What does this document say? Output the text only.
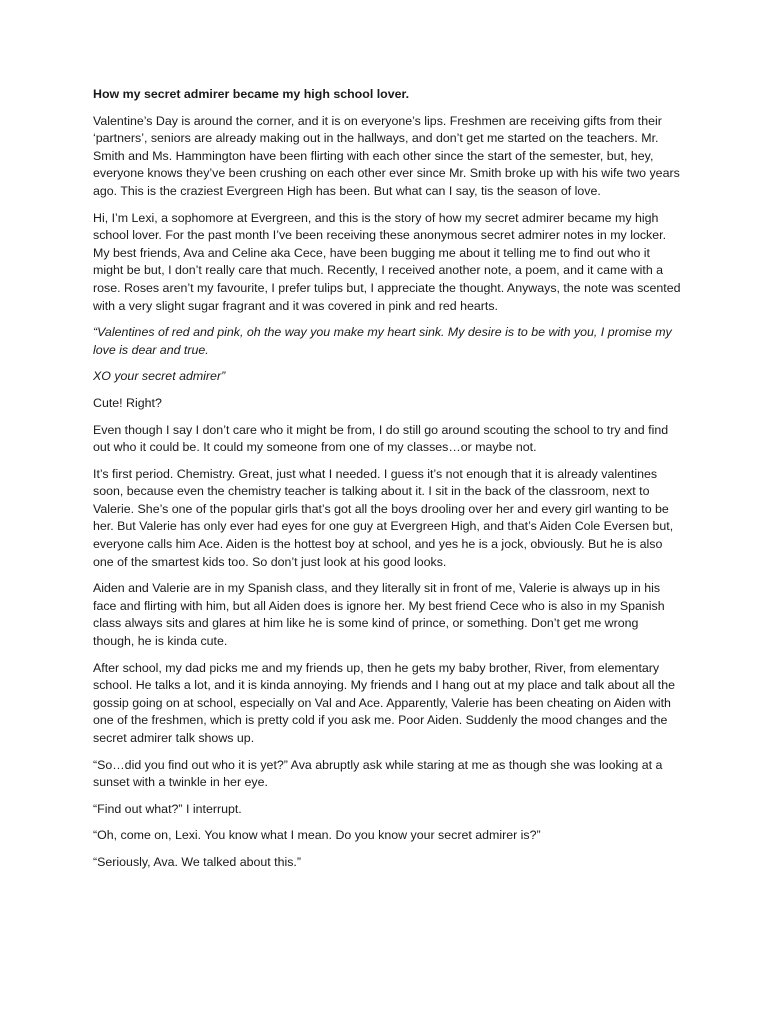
How my secret admirer became my high school lover.

Valentine’s Day is around the corner, and it is on everyone’s lips. Freshmen are receiving gifts from their ‘partners’, seniors are already making out in the hallways, and don’t get me started on the teachers. Mr. Smith and Ms. Hammington have been flirting with each other since the start of the semester, but, hey, everyone knows they’ve been crushing on each other ever since Mr. Smith broke up with his wife two years ago. This is the craziest Evergreen High has been. But what can I say, tis the season of love.

Hi, I’m Lexi, a sophomore at Evergreen, and this is the story of how my secret admirer became my high school lover. For the past month I’ve been receiving these anonymous secret admirer notes in my locker. My best friends, Ava and Celine aka Cece, have been bugging me about it telling me to find out who it might be but, I don’t really care that much. Recently, I received another note, a poem, and it came with a rose. Roses aren’t my favourite, I prefer tulips but, I appreciate the thought. Anyways, the note was scented with a very slight sugar fragrant and it was covered in pink and red hearts.

“Valentines of red and pink, oh the way you make my heart sink. My desire is to be with you, I promise my love is dear and true.

XO your secret admirer”

Cute! Right?

Even though I say I don’t care who it might be from, I do still go around scouting the school to try and find out who it could be. It could my someone from one of my classes…or maybe not.

It’s first period. Chemistry. Great, just what I needed. I guess it’s not enough that it is already valentines soon, because even the chemistry teacher is talking about it. I sit in the back of the classroom, next to Valerie. She’s one of the popular girls that’s got all the boys drooling over her and every girl wanting to be her. But Valerie has only ever had eyes for one guy at Evergreen High, and that’s Aiden Cole Eversen but, everyone calls him Ace. Aiden is the hottest boy at school, and yes he is a jock, obviously. But he is also one of the smartest kids too. So don’t just look at his good looks.

Aiden and Valerie are in my Spanish class, and they literally sit in front of me, Valerie is always up in his face and flirting with him, but all Aiden does is ignore her. My best friend Cece who is also in my Spanish class always sits and glares at him like he is some kind of prince, or something. Don’t get me wrong though, he is kinda cute.

After school, my dad picks me and my friends up, then he gets my baby brother, River, from elementary school. He talks a lot, and it is kinda annoying. My friends and I hang out at my place and talk about all the gossip going on at school, especially on Val and Ace. Apparently, Valerie has been cheating on Aiden with one of the freshmen, which is pretty cold if you ask me. Poor Aiden. Suddenly the mood changes and the secret admirer talk shows up.

“So…did you find out who it is yet?” Ava abruptly ask while staring at me as though she was looking at a sunset with a twinkle in her eye.

“Find out what?” I interrupt.

“Oh, come on, Lexi. You know what I mean. Do you know your secret admirer is?”

“Seriously, Ava. We talked about this.”
